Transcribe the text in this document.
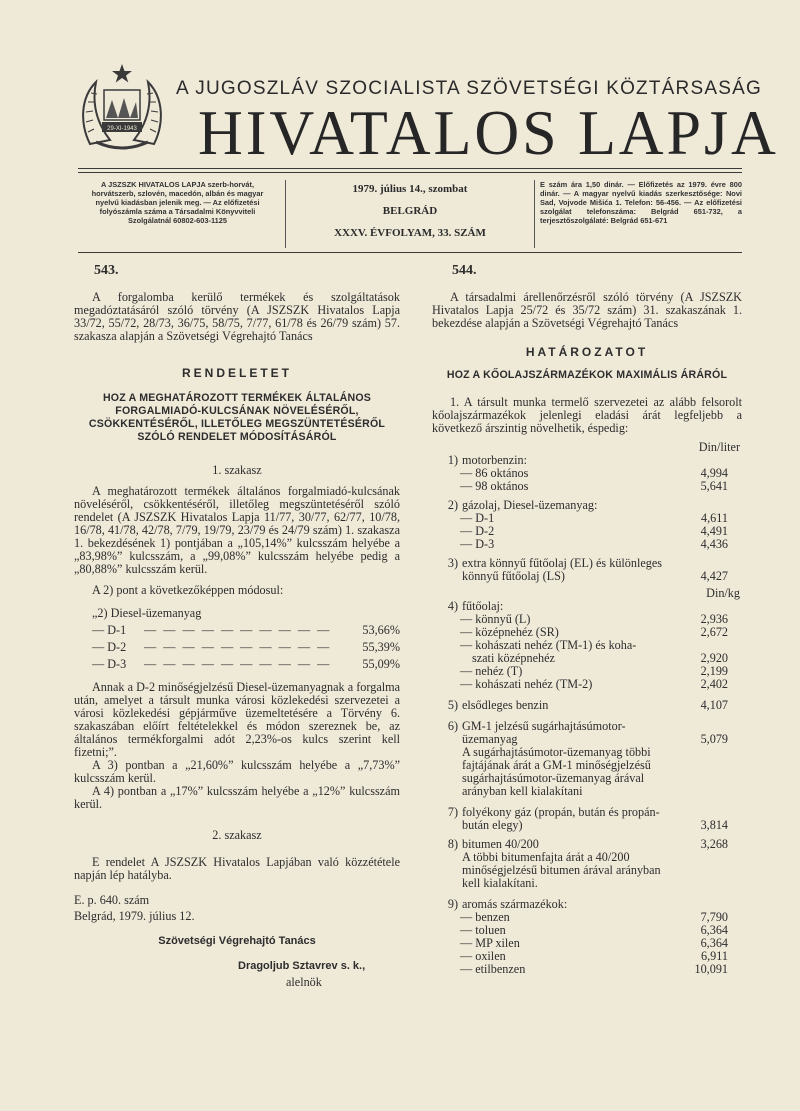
29-XI-1943
A JUGOSZLÁV SZOCIALISTA SZÖVETSÉGI KÖZTÁRSASÁG
HIVATALOS LAPJA
A JSZSZK HIVATALOS LAPJA szerb-horvát, horvátszerb, szlovén, macedón, albán és magyar nyelvű kiadásban jelenik meg. — Az előfizetési folyószámla száma a Társadalmi Könyvviteli Szolgálatnál 60802-603-1125
1979. július 14., szombat
BELGRÁD
XXXV. ÉVFOLYAM, 33. SZÁM
E szám ára 1,50 dinár. — Előfizetés az 1979. évre 800 dinár. — A magyar nyelvű kiadás szerkesztősége: Novi Sad, Vojvode Mišića 1. Telefon: 56-456. — Az előfizetési szolgálat telefonszáma: Belgrád 651-732, a terjesztőszolgálaté: Belgrád 651-671
543.

A forgalomba kerülő termékek és szolgáltatások megadóztatásáról szóló törvény (A JSZSZK Hivatalos Lapja 33/72, 55/72, 28/73, 36/75, 58/75, 7/77, 61/78 és 26/79 szám) 57. szakasza alapján a Szövetségi Végrehajtó Tanács

RENDELETET
HOZ A MEGHATÁROZOTT TERMÉKEK ÁLTALÁNOS FORGALMIADÓ-KULCSÁNAK NÖVELÉSÉRŐL, CSÖKKENTÉSÉRŐL, ILLETŐLEG MEGSZÜNTETÉSÉRŐL SZÓLÓ RENDELET MÓDOSÍTÁSÁRÓL
1. szakasz

A meghatározott termékek általános forgalmiadó-kulcsának növeléséről, csökkentéséről, illetőleg megszüntetéséről szóló rendelet (A JSZSZK Hivatalos Lapja 11/77, 30/77, 62/77, 10/78, 16/78, 41/78, 42/78, 7/79, 19/79, 23/79 és 24/79 szám) 1. szakasza 1. bekezdésének 1) pontjában a „105,14%” kulcsszám helyébe a „83,98%” kulcsszám, a „99,08%” kulcsszám helyébe pedig a „80,88%” kulcsszám kerül.

A 2) pont a következőképpen módosul:

„2) Diesel-üzemanyag
— D-1	— — — — — — — — — —	53,66%
— D-2	— — — — — — — — — —	55,39%
— D-3	— — — — — — — — — —	55,09%

Annak a D-2 minőségjelzésű Diesel-üzemanyagnak a forgalma után, amelyet a társult munka városi közlekedési szervezetei a városi közlekedési gépjárműve üzemeltetésére a Törvény 6. szakaszában előírt feltételekkel és módon szereznek be, az általános termékforgalmi adót 2,23%-os kulcs szerint kell fizetni;”.

A 3) pontban a „21,60%” kulcsszám helyébe a „7,73%” kulcsszám kerül.

A 4) pontban a „17%” kulcsszám helyébe a „12%” kulcsszám kerül.

2. szakasz

E rendelet A JSZSZK Hivatalos Lapjában való közzététele napján lép hatályba.

E. p. 640. szám
Belgrád, 1979. július 12.
Szövetségi Végrehajtó Tanács
Dragoljub Sztavrev s. k.,
alelnök
544.

A társadalmi árellenőrzésről szóló törvény (A JSZSZK Hivatalos Lapja 25/72 és 35/72 szám) 31. szakaszának 1. bekezdése alapján a Szövetségi Végrehajtó Tanács

HATÁROZATOT
HOZ A KŐOLAJSZÁRMAZÉKOK MAXIMÁLIS ÁRÁRÓL

1. A társult munka termelő szervezetei az alább felsorolt kőolajszármazékok jelenlegi eladási árát legfeljebb a következő árszintig növelhetik, éspedig:

Din/liter
1) motorbenzin:
— 86 oktános	4,994
— 98 oktános	5,641
2) gázolaj, Diesel-üzemanyag:
— D-1	4,611
— D-2	4,491
— D-3	4,436
3) extra könnyű fűtőolaj (EL) és különleges könnyű fűtőolaj (LS)	4,427
Din/kg
4) fűtőolaj:
— könnyű (L)	2,936
— középnehéz (SR)	2,672
— kohászati nehéz (TM-1) és koha-
szati középnehéz	2,920
— nehéz (T)	2,199
— kohászati nehéz (TM-2)	2,402
5) elsődleges benzin	4,107
6) GM-1 jelzésű sugárhajtásúmotor-üzemanyag	5,079
A sugárhajtásúmotor-üzemanyag többi fajtájának árát a GM-1 minőségjelzésű sugárhajtásúmotor-üzemanyag árával arányban kell kialakítani
7) folyékony gáz (propán, bután és propán-bután elegy)	3,814
8) bitumen 40/200	3,268
A többi bitumenfajta árát a 40/200 minőségjelzésű bitumen árával arányban kell kialakítani.
9) aromás származékok:
— benzen	7,790
— toluen	6,364
— MP xilen	6,364
— oxilen	6,911
— etilbenzen	10,091
